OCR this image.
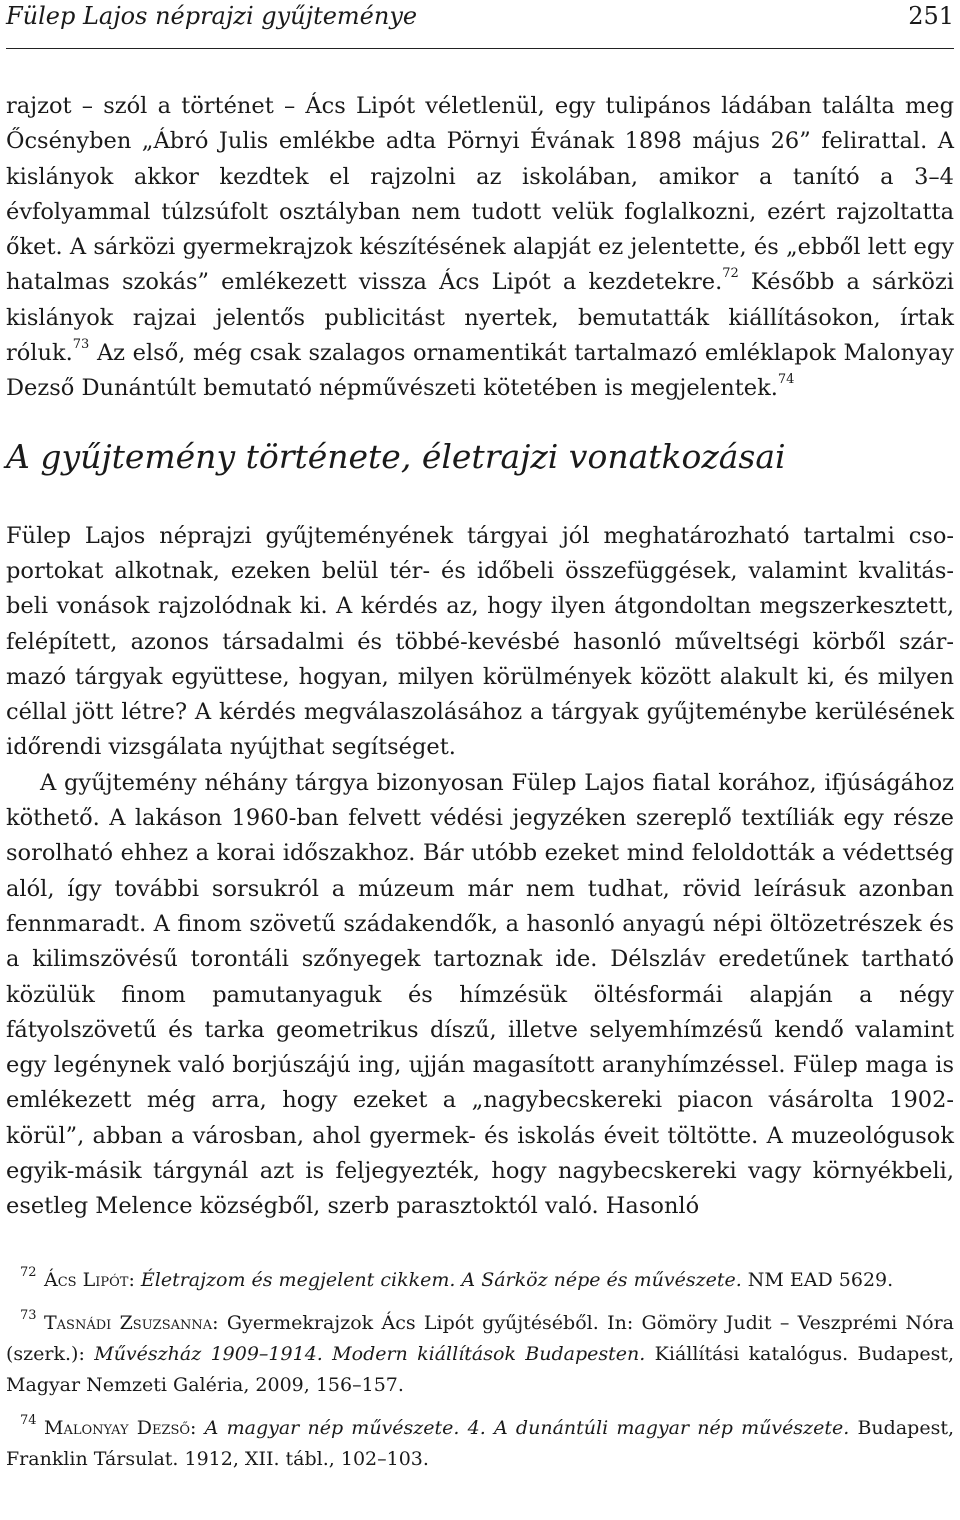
Fülep Lajos néprajzi gyűjteménye	251

rajzot – szól a történet – Ács Lipót véletlenül, egy tulipános ládában találta meg Őcsényben „Ábró Julis emlékbe adta Pörnyi Évának 1898 május 26” felirattal. A kislányok akkor kezdtek el rajzolni az iskolában, amikor a tanító a 3–4 évfolyammal túlzsúfolt osztályban nem tudott velük foglalkozni, ezért rajzoltatta őket. A sárközi gyermekrajzok készítésének alapját ez jelentette, és „ebből lett egy hatalmas szokás” emlékezett vissza Ács Lipót a kezdetekre.$^{72}$ Később a sárközi kislányok rajzai jelentős publicitást nyertek, bemutatták kiállításokon, írtak róluk.$^{73}$ Az első, még csak szalagos ornamentikát tartalmazó emléklapok Malonyay Dezső Dunántúlt bemutató népművészeti kötetében is megjelentek.$^{74}$

A gyűjtemény története, életrajzi vonatkozásai

Fülep Lajos néprajzi gyűjteményének tárgyai jól meghatározható tartalmi csoportokat alkotnak, ezeken belül tér- és időbeli összefüggések, valamint kvalitásbeli vonások rajzolódnak ki. A kérdés az, hogy ilyen átgondoltan megszerkesztett, felépített, azonos társadalmi és többé-kevésbé hasonló műveltségi körből származó tárgyak együttese, hogyan, milyen körülmények között alakult ki, és milyen céllal jött létre? A kérdés megválaszolásához a tárgyak gyűjteménybe kerülésének időrendi vizsgálata nyújthat segítséget.

A gyűjtemény néhány tárgya bizonyosan Fülep Lajos fiatal korához, ifjúságához köthető. A lakáson 1960-ban felvett védési jegyzéken szereplő textíliák egy része sorolható ehhez a korai időszakhoz. Bár utóbb ezeket mind feloldották a védettség alól, így további sorsukról a múzeum már nem tudhat, rövid leírásuk azonban fennmaradt. A finom szövetű szádakendők, a hasonló anyagú népi öltözetrészek és a kilimszövésű torontáli szőnyegek tartoznak ide. Délszláv eredetűnek tartható közülük finom pamutanyaguk és hímzésük öltésformái alapján a négy fátyolszövetű és tarka geometrikus díszű, illetve selyemhímzésű kendő valamint egy legénynek való borjúszájú ing, ujján magasított aranyhímzéssel. Fülep maga is emlékezett még arra, hogy ezeket a „nagybecskereki piacon vásárolta 1902-körül”, abban a városban, ahol gyermek- és iskolás éveit töltötte. A muzeológusok egyik-másik tárgynál azt is feljegyezték, hogy nagybecskereki vagy környékbeli, esetleg Melence községből, szerb parasztoktól való. Hasonló

72 Ács Lipót: Életrajzom és megjelent cikkem. A Sárköz népe és művészete. NM EAD 5629.
73 Tasnádi Zsuzsanna: Gyermekrajzok Ács Lipót gyűjtéséből. In: Gömöry Judit – Veszprémi Nóra (szerk.): Művészház 1909–1914. Modern kiállítások Budapesten. Kiállítási katalógus. Budapest, Magyar Nemzeti Galéria, 2009, 156–157.
74 Malonyay Dezső: A magyar nép művészete. 4. A dunántúli magyar nép művészete. Budapest, Franklin Társulat. 1912, XII. tábl., 102–103.
